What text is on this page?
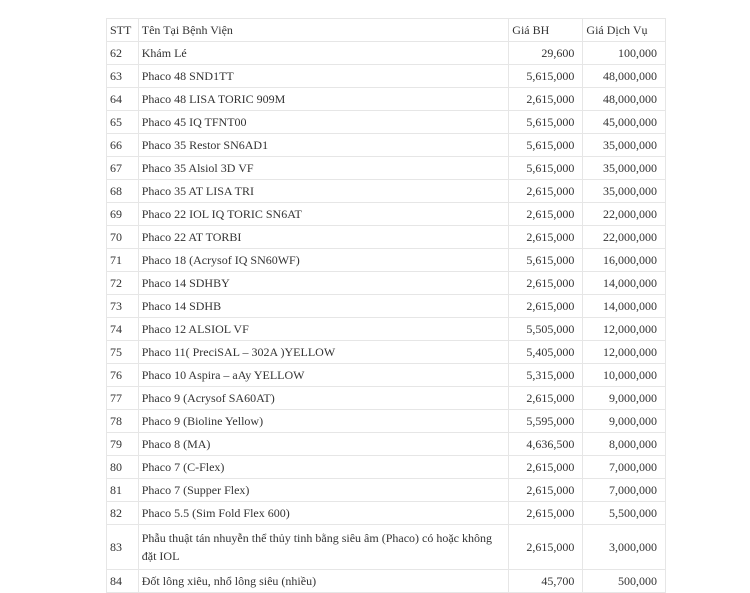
STT	Tên Tại Bệnh Viện	Giá BH	Giá Dịch Vụ
62	Khám Lé	29,600	100,000
63	Phaco 48 SND1TT	5,615,000	48,000,000
64	Phaco 48 LISA TORIC 909M	2,615,000	48,000,000
65	Phaco 45 IQ TFNT00	5,615,000	45,000,000
66	Phaco 35 Restor SN6AD1	5,615,000	35,000,000
67	Phaco 35 Alsiol 3D VF	5,615,000	35,000,000
68	Phaco 35 AT LISA TRI	2,615,000	35,000,000
69	Phaco 22 IOL IQ TORIC SN6AT	2,615,000	22,000,000
70	Phaco 22 AT TORBI	2,615,000	22,000,000
71	Phaco 18 (Acrysof IQ SN60WF)	5,615,000	16,000,000
72	Phaco 14 SDHBY	2,615,000	14,000,000
73	Phaco 14 SDHB	2,615,000	14,000,000
74	Phaco 12 ALSIOL VF	5,505,000	12,000,000
75	Phaco 11( PreciSAL – 302A )YELLOW	5,405,000	12,000,000
76	Phaco 10 Aspira – aAy YELLOW	5,315,000	10,000,000
77	Phaco 9 (Acrysof SA60AT)	2,615,000	9,000,000
78	Phaco 9 (Bioline Yellow)	5,595,000	9,000,000
79	Phaco 8 (MA)	4,636,500	8,000,000
80	Phaco 7 (C-Flex)	2,615,000	7,000,000
81	Phaco 7 (Supper Flex)	2,615,000	7,000,000
82	Phaco 5.5 (Sim Fold Flex 600)	2,615,000	5,500,000
83	Phẫu thuật tán nhuyễn thể thủy tinh bằng siêu âm (Phaco) có hoặc không đặt IOL	2,615,000	3,000,000
84	Đốt lông xiêu, nhổ lông siêu (nhiều)	45,700	500,000
